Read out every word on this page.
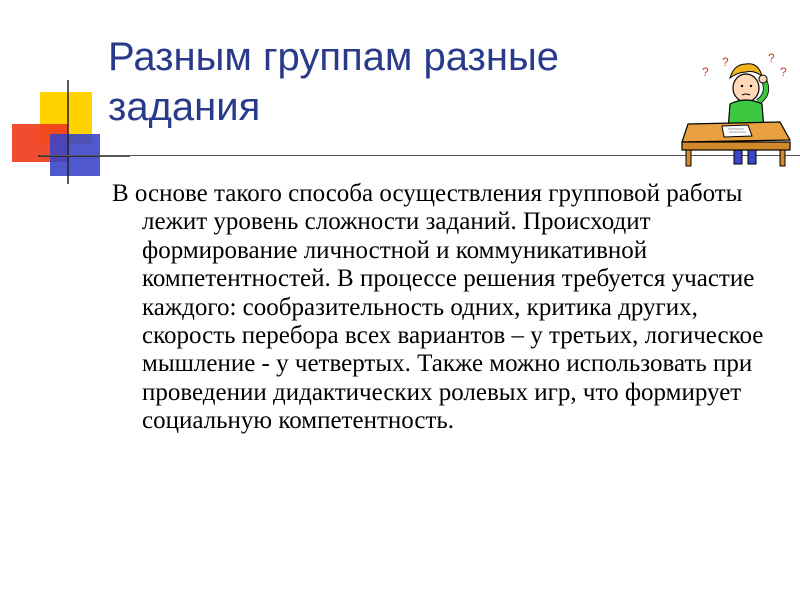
Разным группам разные задания
?
?	?
?

В основе такого способа осуществления групповой работы лежит уровень сложности заданий. Происходит формирование личностной и коммуникативной компетентностей. В процессе решения требуется участие каждого: сообразительность одних, критика других, скорость перебора всех вариантов – у третьих, логическое мышление - у четвертых. Также можно использовать при проведении дидактических ролевых игр, что формирует социальную компетентность.
